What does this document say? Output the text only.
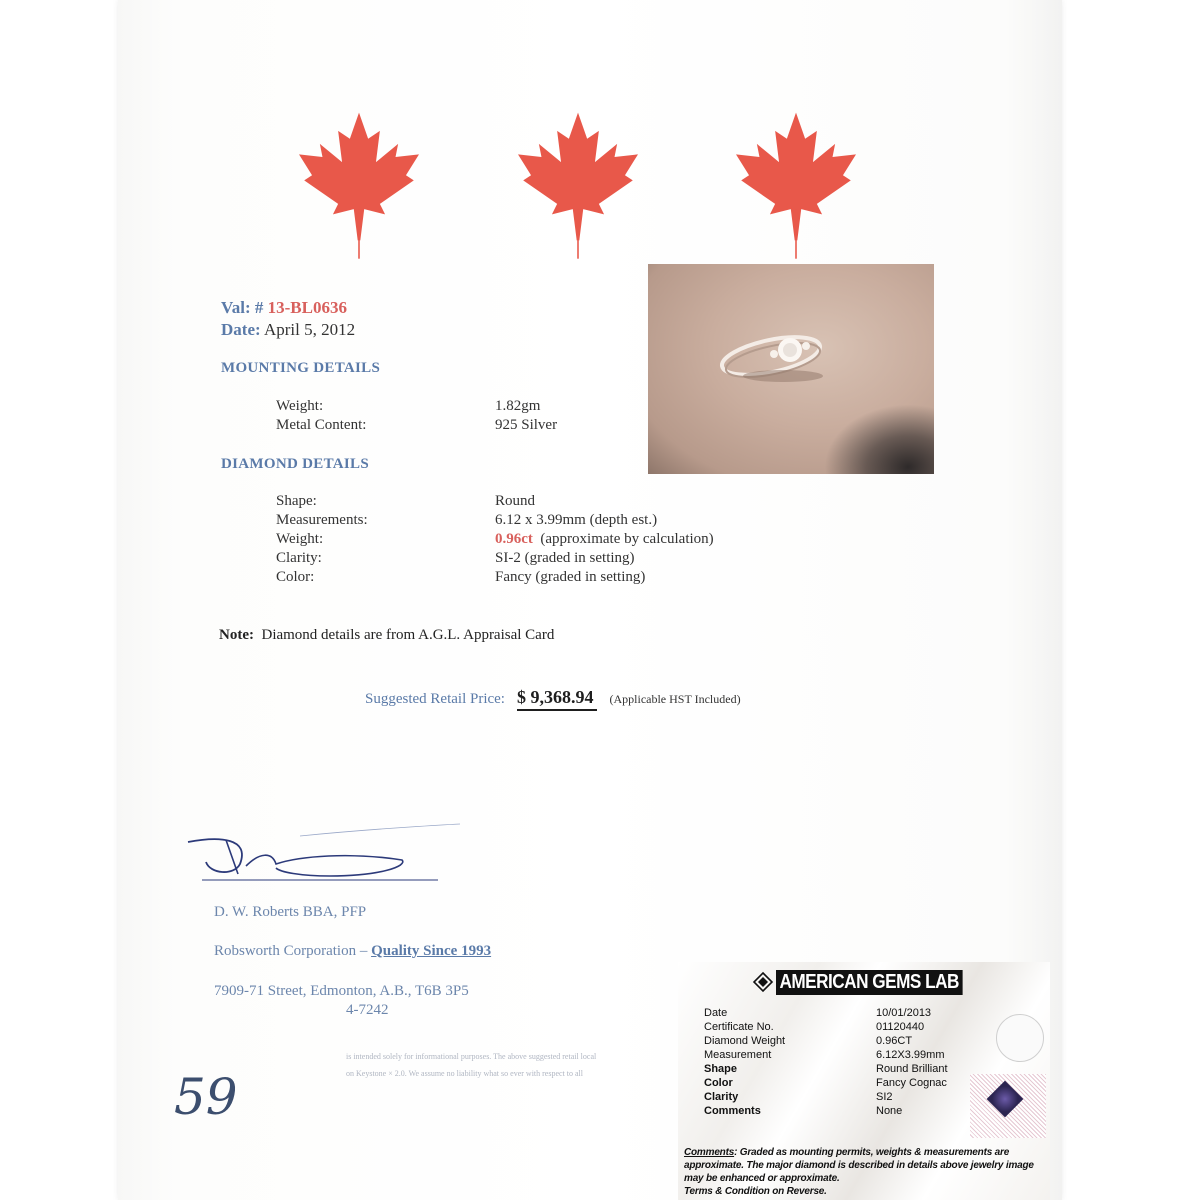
Val: # 13-BL0636
Date: April 5, 2012
MOUNTING DETAILS
Weight:	1.82gm
Metal Content:	925 Silver
DIAMOND DETAILS
Shape:	Round
Measurements:	6.12 x 3.99mm (depth est.)
Weight:	0.96ct (approximate by calculation)
Clarity:	SI-2 (graded in setting)
Color:	Fancy (graded in setting)
Note: Diamond details are from A.G.L. Appraisal Card
Suggested Retail Price: $ 9,368.94	(Applicable HST Included)
D. W. Roberts BBA, PFP
Robsworth Corporation – Quality Since 1993
7909-71 Street, Edmonton, A.B., T6B 3P5
4-7242
is intended solely for informational purposes. The above suggested retail local
on Keystone × 2.0. We assume no liability what so ever with respect to all
59
AMERICAN GEMS LAB
Date	10/01/2013
Certificate No.	01120440
Diamond Weight	0.96CT
Measurement	6.12X3.99mm
Shape	Round Brilliant
Color	Fancy Cognac
Clarity	SI2
Comments	None
Comments: Graded as mounting permits, weights & measurements are approximate. The major diamond is described in details above jewelry image may be enhanced or approximate.
Terms & Condition on Reverse.
